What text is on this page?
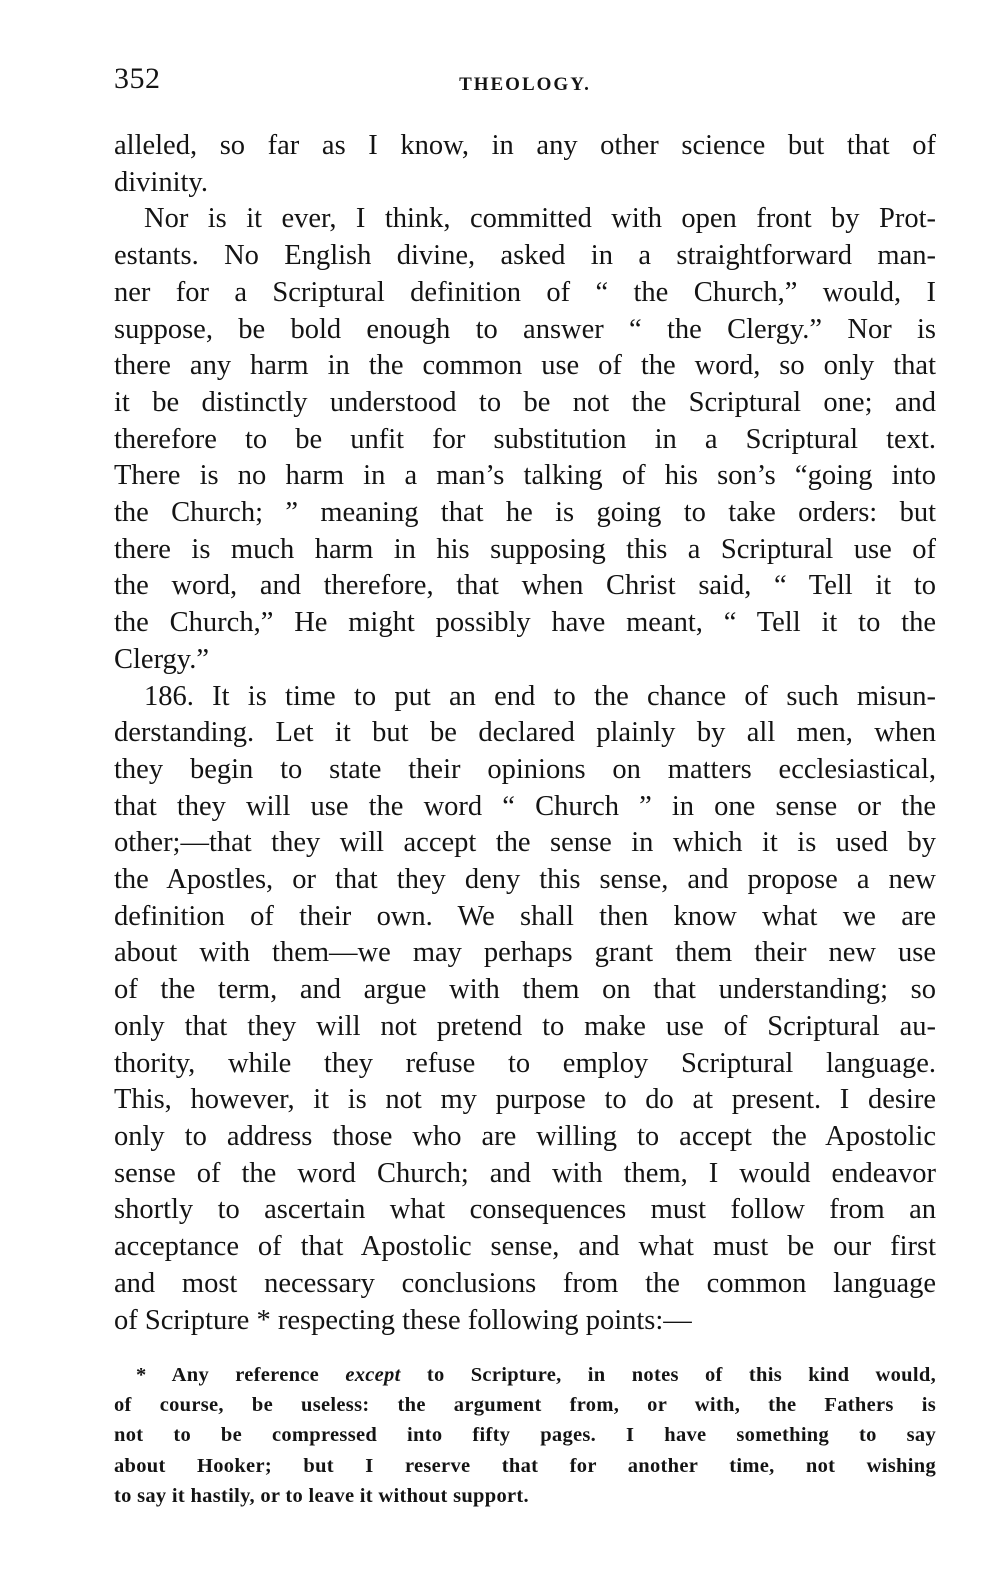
352	THEOLOGY.

alleled, so far as I know, in any other science but that of

divinity.

Nor is it ever, I think, committed with open front by Prot-

estants. No English divine, asked in a straightforward man-

ner for a Scriptural definition of “ the Church,” would, I

suppose, be bold enough to answer “ the Clergy.” Nor is

there any harm in the common use of the word, so only that

it be distinctly understood to be not the Scriptural one; and

therefore to be unfit for substitution in a Scriptural text.

There is no harm in a man’s talking of his son’s “going into

the Church; ” meaning that he is going to take orders: but

there is much harm in his supposing this a Scriptural use of

the word, and therefore, that when Christ said, “ Tell it to

the Church,” He might possibly have meant, “ Tell it to the

Clergy.”

186. It is time to put an end to the chance of such misun-

derstanding. Let it but be declared plainly by all men, when

they begin to state their opinions on matters ecclesiastical,

that they will use the word “ Church ” in one sense or the

other;—that they will accept the sense in which it is used by

the Apostles, or that they deny this sense, and propose a new

definition of their own. We shall then know what we are

about with them—we may perhaps grant them their new use

of the term, and argue with them on that understanding; so

only that they will not pretend to make use of Scriptural au-

thority, while they refuse to employ Scriptural language.

This, however, it is not my purpose to do at present. I desire

only to address those who are willing to accept the Apostolic

sense of the word Church; and with them, I would endeavor

shortly to ascertain what consequences must follow from an

acceptance of that Apostolic sense, and what must be our first

and most necessary conclusions from the common language

of Scripture * respecting these following points:—

* Any reference except to Scripture, in notes of this kind would,

of course, be useless: the argument from, or with, the Fathers is

not to be compressed into fifty pages. I have something to say

about Hooker; but I reserve that for another time, not wishing

to say it hastily, or to leave it without support.
